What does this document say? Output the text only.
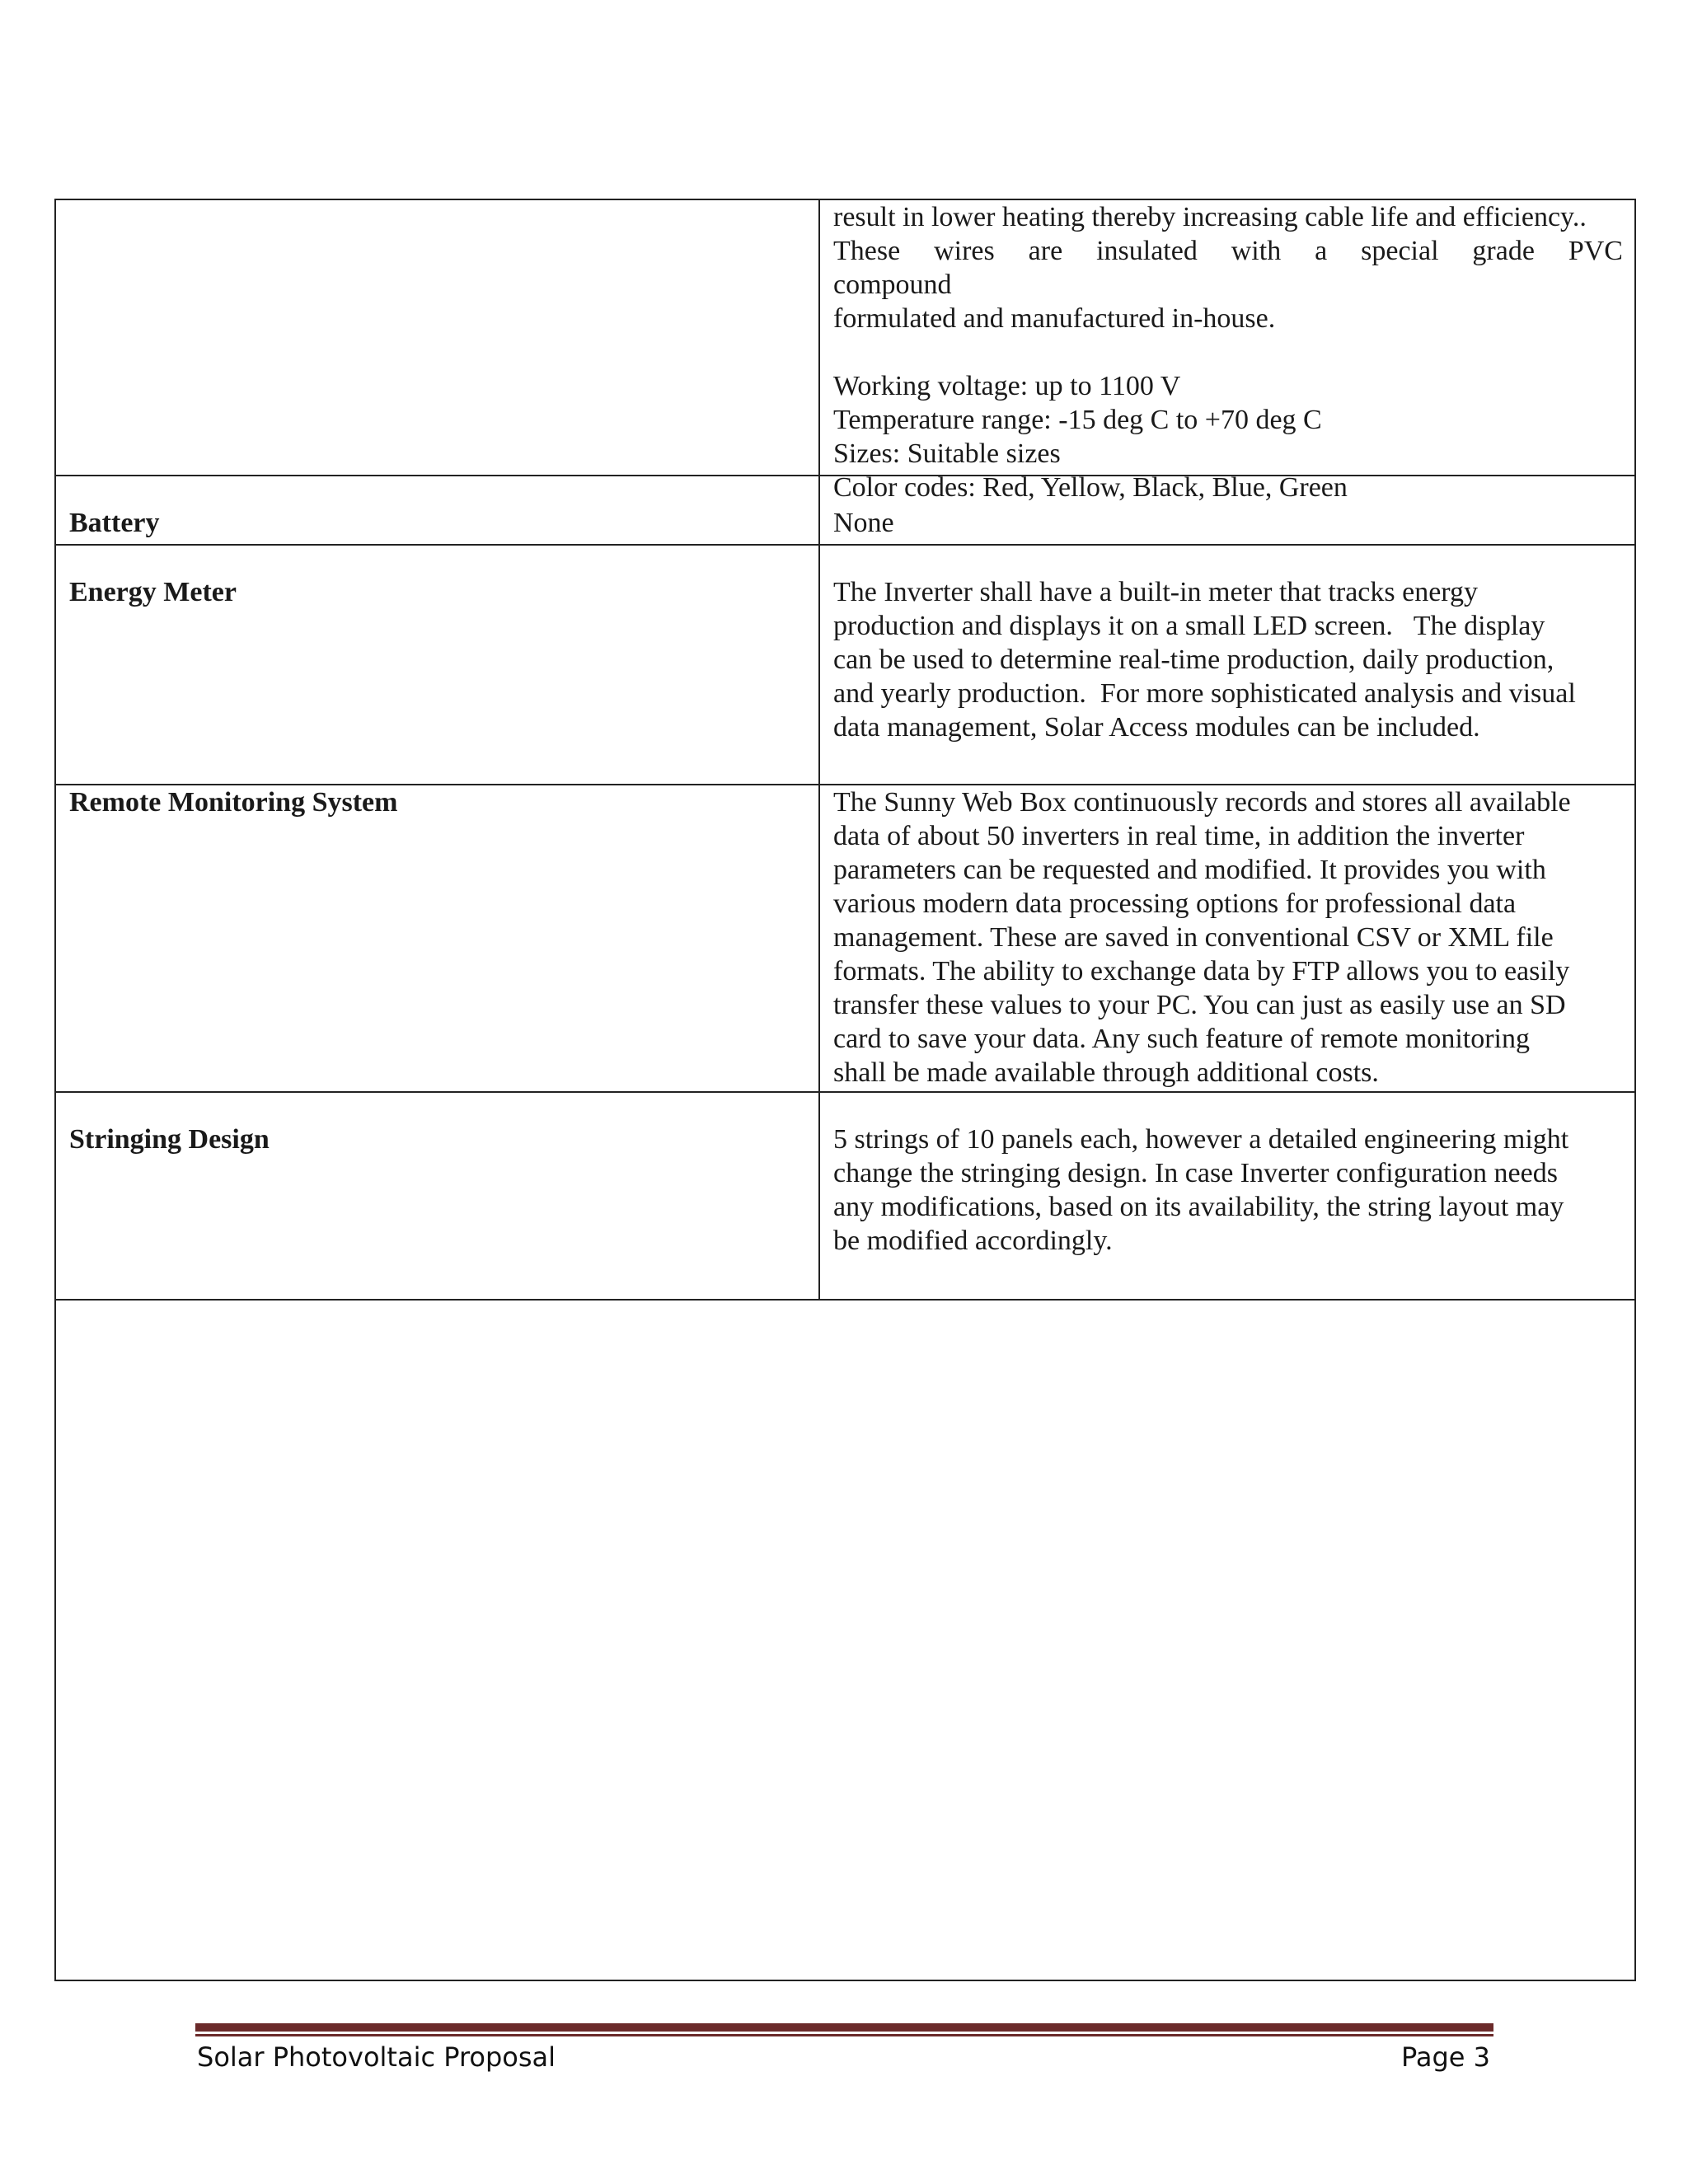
result in lower heating thereby increasing cable life and efficiency..

These wires are insulated with a special grade PVC compound

formulated and manufactured in-house.

Working voltage: up to 1100 V

Temperature range: -15 deg C to +70 deg C

Sizes: Suitable sizes

Color codes: Red, Yellow, Black, Blue, Green

Battery	None
Energy Meter	The Inverter shall have a built-in meter that tracks energy

production and displays it on a small LED screen.   The display

can be used to determine real-time production, daily production,

and yearly production.  For more sophisticated analysis and visual

data management, Solar Access modules can be included.

Remote Monitoring System	The Sunny Web Box continuously records and stores all available

data of about 50 inverters in real time, in addition the inverter

parameters can be requested and modified. It provides you with

various modern data processing options for professional data

management. These are saved in conventional CSV or XML file

formats. The ability to exchange data by FTP allows you to easily

transfer these values to your PC. You can just as easily use an SD

card to save your data. Any such feature of remote monitoring

shall be made available through additional costs.

Stringing Design	5 strings of 10 panels each, however a detailed engineering might

change the stringing design. In case Inverter configuration needs

any modifications, based on its availability, the string layout may

be modified accordingly.

Solar Photovoltaic Proposal	Page 3
